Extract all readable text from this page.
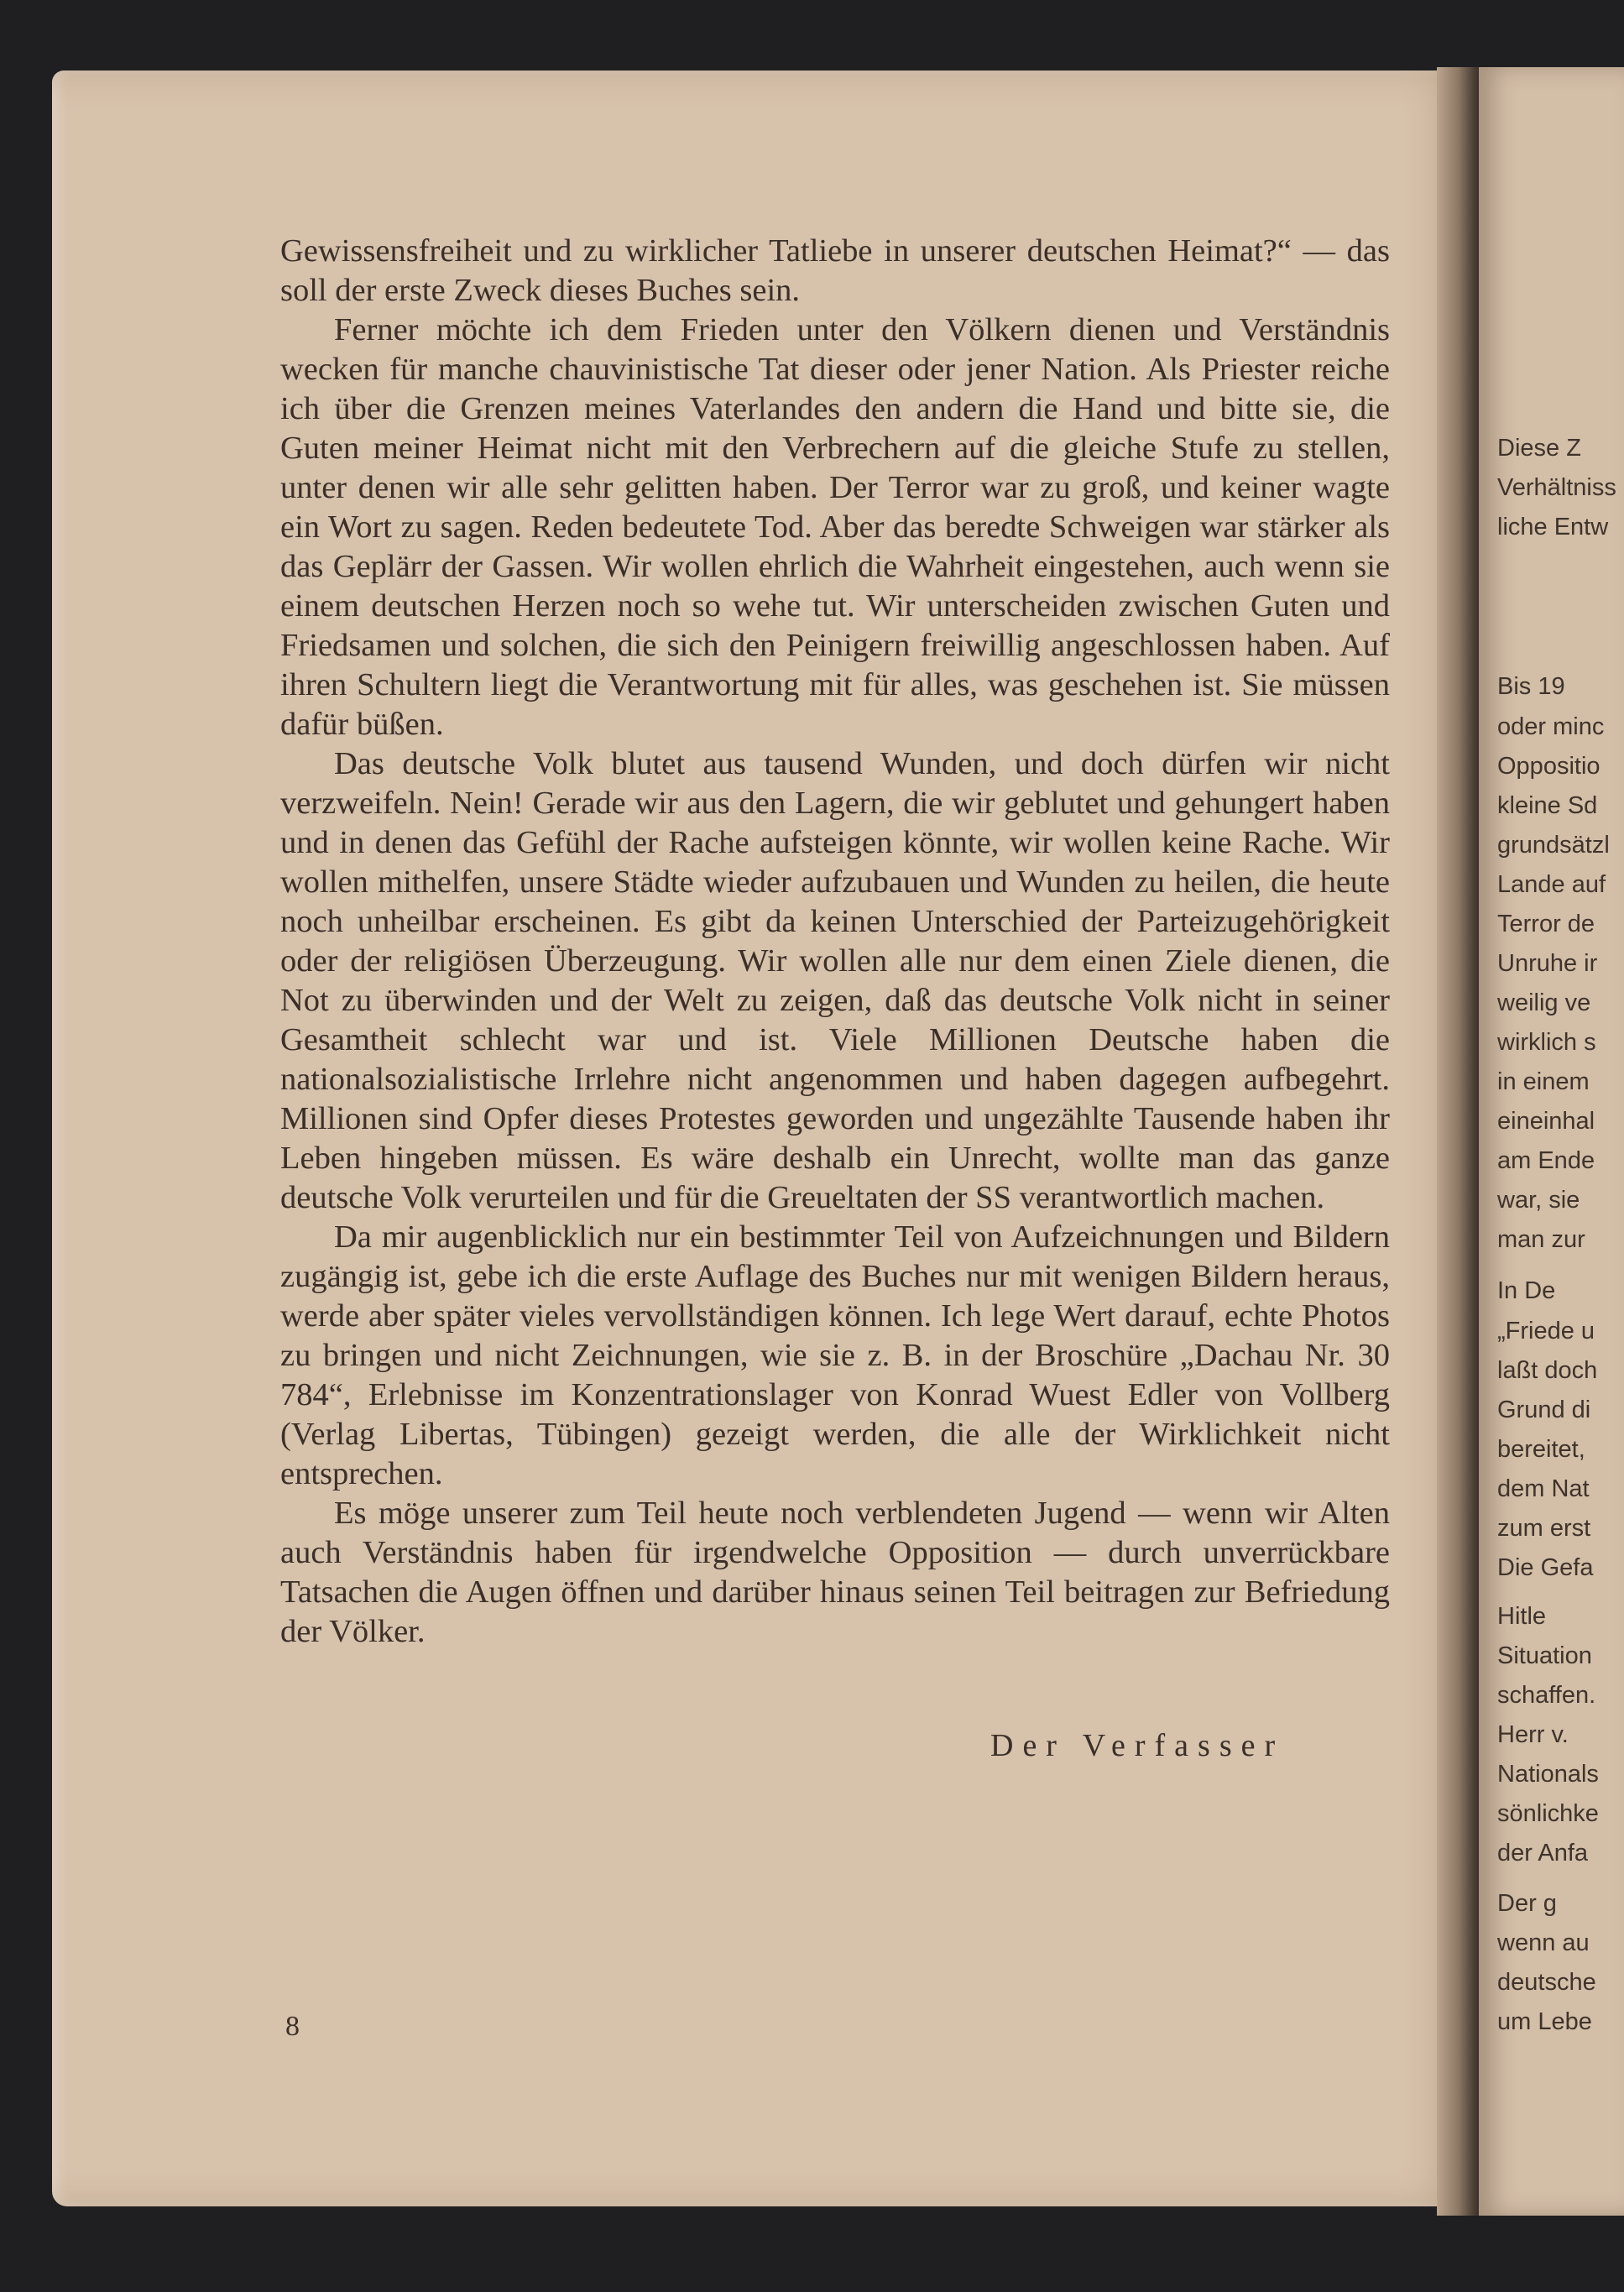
Diese Z
Verhältniss
liche Entw
Bis 19
oder minc
Oppositio
kleine Sd
grundsätzl
Lande auf
Terror de
Unruhe ir
weilig ve
wirklich s
in einem
eineinhal
am Ende
war, sie
man zur
In De
„Friede u
laßt doch
Grund di
bereitet,
dem Nat
zum erst
Die Gefa
Hitle
Situation
schaffen.
Herr v.
Nationals
sönlichke
der Anfa
Der g
wenn au
deutsche
um Lebe

Gewissensfreiheit und zu wirklicher Tatliebe in unserer deutschen Heimat?“ — das soll der erste Zweck dieses Buches sein.

Ferner möchte ich dem Frieden unter den Völkern dienen und Verständnis wecken für manche chauvinistische Tat dieser oder jener Nation. Als Priester reiche ich über die Grenzen meines Vaterlandes den andern die Hand und bitte sie, die Guten meiner Heimat nicht mit den Verbrechern auf die gleiche Stufe zu stellen, unter denen wir alle sehr gelitten haben. Der Terror war zu groß, und keiner wagte ein Wort zu sagen. Reden bedeutete Tod. Aber das beredte Schweigen war stärker als das Geplärr der Gassen. Wir wollen ehrlich die Wahrheit eingestehen, auch wenn sie einem deutschen Herzen noch so wehe tut. Wir unterscheiden zwischen Guten und Friedsamen und solchen, die sich den Peinigern freiwillig angeschlossen haben. Auf ihren Schultern liegt die Verantwortung mit für alles, was geschehen ist. Sie müssen dafür büßen.

Das deutsche Volk blutet aus tausend Wunden, und doch dürfen wir nicht verzweifeln. Nein! Gerade wir aus den Lagern, die wir geblutet und gehungert haben und in denen das Gefühl der Rache aufsteigen könnte, wir wollen keine Rache. Wir wollen mithelfen, unsere Städte wieder aufzubauen und Wunden zu heilen, die heute noch unheilbar erscheinen. Es gibt da keinen Unterschied der Parteizugehörigkeit oder der religiösen Überzeugung. Wir wollen alle nur dem einen Ziele dienen, die Not zu überwinden und der Welt zu zeigen, daß das deutsche Volk nicht in seiner Gesamtheit schlecht war und ist. Viele Millionen Deutsche haben die nationalsozialistische Irrlehre nicht angenommen und haben dagegen aufbegehrt. Millionen sind Opfer dieses Protestes geworden und ungezählte Tausende haben ihr Leben hingeben müssen. Es wäre deshalb ein Unrecht, wollte man das ganze deutsche Volk verurteilen und für die Greueltaten der SS verantwortlich machen.

Da mir augenblicklich nur ein bestimmter Teil von Aufzeichnungen und Bildern zugängig ist, gebe ich die erste Auflage des Buches nur mit wenigen Bildern heraus, werde aber später vieles vervollständigen können. Ich lege Wert darauf, echte Photos zu bringen und nicht Zeichnungen, wie sie z. B. in der Broschüre „Dachau Nr. 30 784“, Erlebnisse im Konzentrationslager von Konrad Wuest Edler von Vollberg (Verlag Libertas, Tübingen) gezeigt werden, die alle der Wirklichkeit nicht entsprechen.

Es möge unserer zum Teil heute noch verblendeten Jugend — wenn wir Alten auch Verständnis haben für irgendwelche Opposition — durch unverrückbare Tatsachen die Augen öffnen und darüber hinaus seinen Teil beitragen zur Befriedung der Völker.

Der Verfasser
8
